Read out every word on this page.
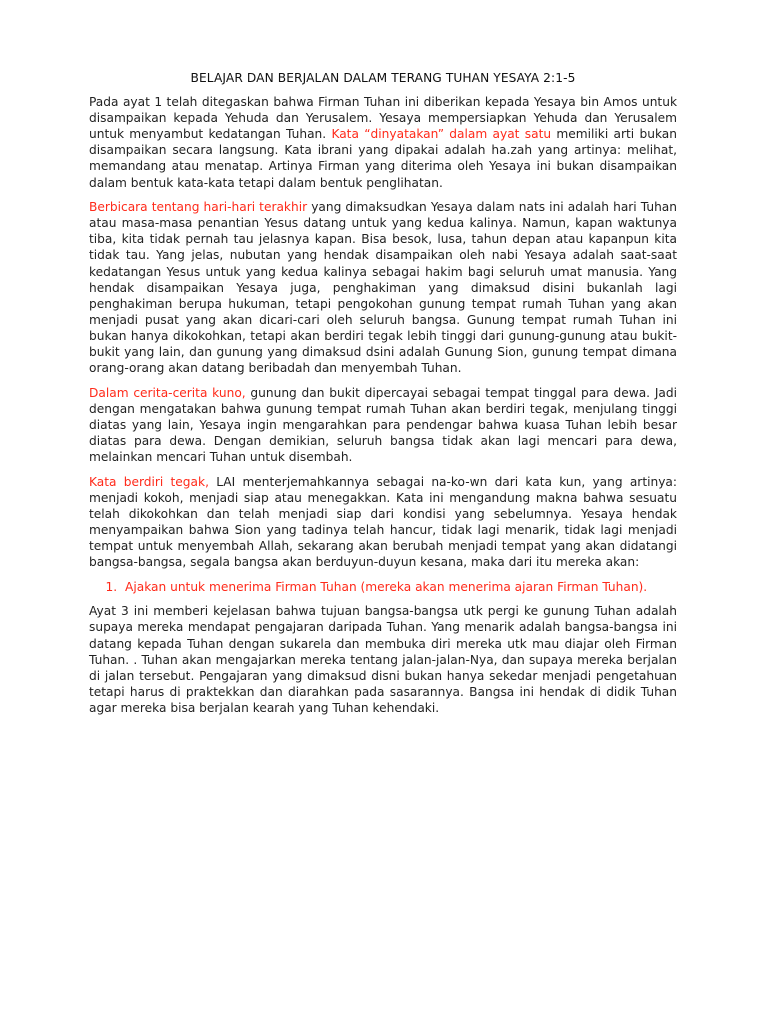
BELAJAR DAN BERJALAN DALAM TERANG TUHAN YESAYA 2:1-5

Pada ayat 1 telah ditegaskan bahwa Firman Tuhan ini diberikan kepada Yesaya bin Amos untuk disampaikan kepada Yehuda dan Yerusalem. Yesaya mempersiapkan Yehuda dan Yerusalem untuk menyambut kedatangan Tuhan. Kata “dinyatakan” dalam ayat satu memiliki arti bukan disampaikan secara langsung. Kata ibrani yang dipakai adalah ha.zah yang artinya: melihat, memandang atau menatap. Artinya Firman yang diterima oleh Yesaya ini bukan disampaikan dalam bentuk kata-kata tetapi dalam bentuk penglihatan.

Berbicara tentang hari-hari terakhir yang dimaksudkan Yesaya dalam nats ini adalah hari Tuhan atau masa-masa penantian Yesus datang untuk yang kedua kalinya. Namun, kapan waktunya tiba, kita tidak pernah tau jelasnya kapan. Bisa besok, lusa, tahun depan atau kapanpun kita tidak tau. Yang jelas, nubutan yang hendak disampaikan oleh nabi Yesaya adalah saat-saat kedatangan Yesus untuk yang kedua kalinya sebagai hakim bagi seluruh umat manusia. Yang hendak disampaikan Yesaya juga, penghakiman yang dimaksud disini bukanlah lagi penghakiman berupa hukuman, tetapi pengokohan gunung tempat rumah Tuhan yang akan menjadi pusat yang akan dicari-cari oleh seluruh bangsa. Gunung tempat rumah Tuhan ini bukan hanya dikokohkan, tetapi akan berdiri tegak lebih tinggi dari gunung-gunung atau bukit-bukit yang lain, dan gunung yang dimaksud dsini adalah Gunung Sion, gunung tempat dimana orang-orang akan datang beribadah dan menyembah Tuhan.

Dalam cerita-cerita kuno, gunung dan bukit dipercayai sebagai tempat tinggal para dewa. Jadi dengan mengatakan bahwa gunung tempat rumah Tuhan akan berdiri tegak, menjulang tinggi diatas yang lain, Yesaya ingin mengarahkan para pendengar bahwa kuasa Tuhan lebih besar diatas para dewa. Dengan demikian, seluruh bangsa tidak akan lagi mencari para dewa, melainkan mencari Tuhan untuk disembah.

Kata berdiri tegak, LAI menterjemahkannya sebagai na-ko-wn dari kata kun, yang artinya: menjadi kokoh, menjadi siap atau menegakkan. Kata ini mengandung makna bahwa sesuatu telah dikokohkan dan telah menjadi siap dari kondisi yang sebelumnya. Yesaya hendak menyampaikan bahwa Sion yang tadinya telah hancur, tidak lagi menarik, tidak lagi menjadi tempat untuk menyembah Allah, sekarang akan berubah menjadi tempat yang akan didatangi bangsa-bangsa, segala bangsa akan berduyun-duyun kesana, maka dari itu mereka akan:

1. Ajakan untuk menerima Firman Tuhan (mereka akan menerima ajaran Firman Tuhan).

Ayat 3 ini memberi kejelasan bahwa tujuan bangsa-bangsa utk pergi ke gunung Tuhan adalah supaya mereka mendapat pengajaran daripada Tuhan. Yang menarik adalah bangsa-bangsa ini datang kepada Tuhan dengan sukarela dan membuka diri mereka utk mau diajar oleh Firman Tuhan. . Tuhan akan mengajarkan mereka tentang jalan-jalan-Nya, dan supaya mereka berjalan di jalan tersebut. Pengajaran yang dimaksud disni bukan hanya sekedar menjadi pengetahuan tetapi harus di praktekkan dan diarahkan pada sasarannya. Bangsa ini hendak di didik Tuhan agar mereka bisa berjalan kearah yang Tuhan kehendaki.
